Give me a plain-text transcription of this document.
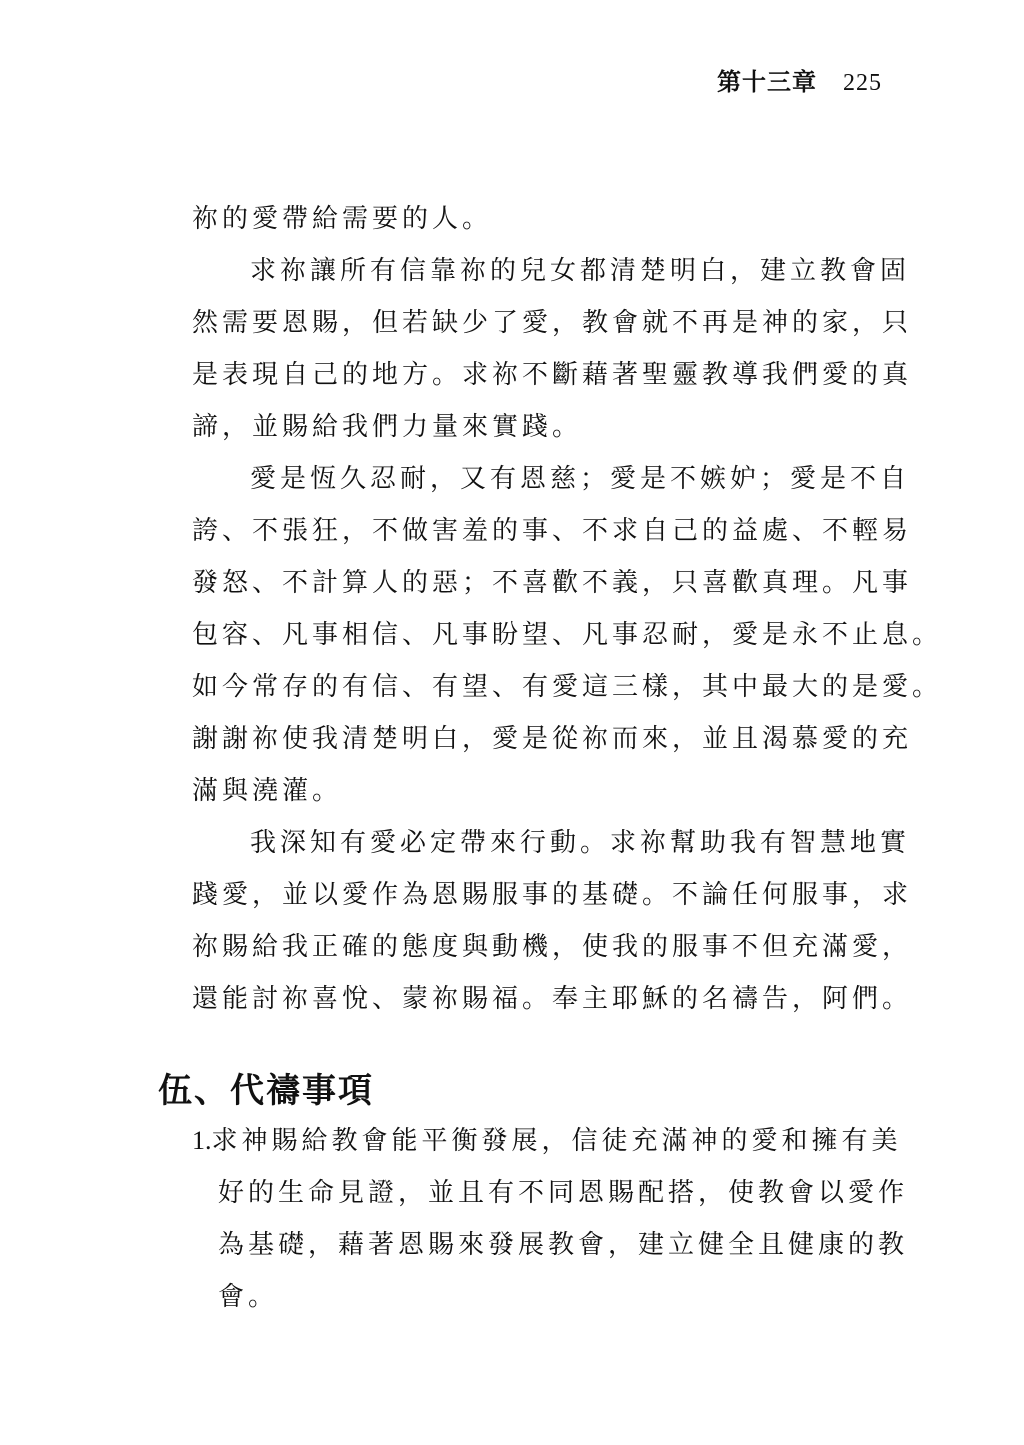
第十三章 225
祢的愛帶給需要的人。
求祢讓所有信靠祢的兒女都清楚明白，建立教會固
然需要恩賜，但若缺少了愛，教會就不再是神的家，只
是表現自己的地方。求祢不斷藉著聖靈教導我們愛的真
諦，並賜給我們力量來實踐。
愛是恆久忍耐，又有恩慈；愛是不嫉妒；愛是不自
誇、不張狂，不做害羞的事、不求自己的益處、不輕易
發怒、不計算人的惡；不喜歡不義，只喜歡真理。凡事
包容、凡事相信、凡事盼望、凡事忍耐，愛是永不止息。
如今常存的有信、有望、有愛這三樣，其中最大的是愛。
謝謝祢使我清楚明白，愛是從祢而來，並且渴慕愛的充
滿與澆灌。
我深知有愛必定帶來行動。求祢幫助我有智慧地實
踐愛，並以愛作為恩賜服事的基礎。不論任何服事，求
祢賜給我正確的態度與動機，使我的服事不但充滿愛，
還能討祢喜悅、蒙祢賜福。奉主耶穌的名禱告，阿們。
伍、代禱事項
1.求神賜給教會能平衡發展，信徒充滿神的愛和擁有美
好的生命見證，並且有不同恩賜配搭，使教會以愛作
為基礎，藉著恩賜來發展教會，建立健全且健康的教
會。
